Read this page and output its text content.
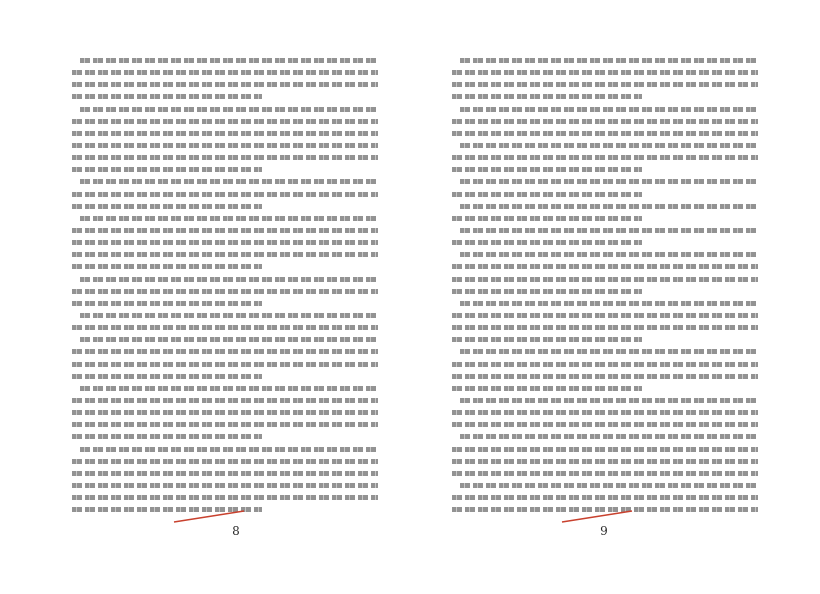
8	9
